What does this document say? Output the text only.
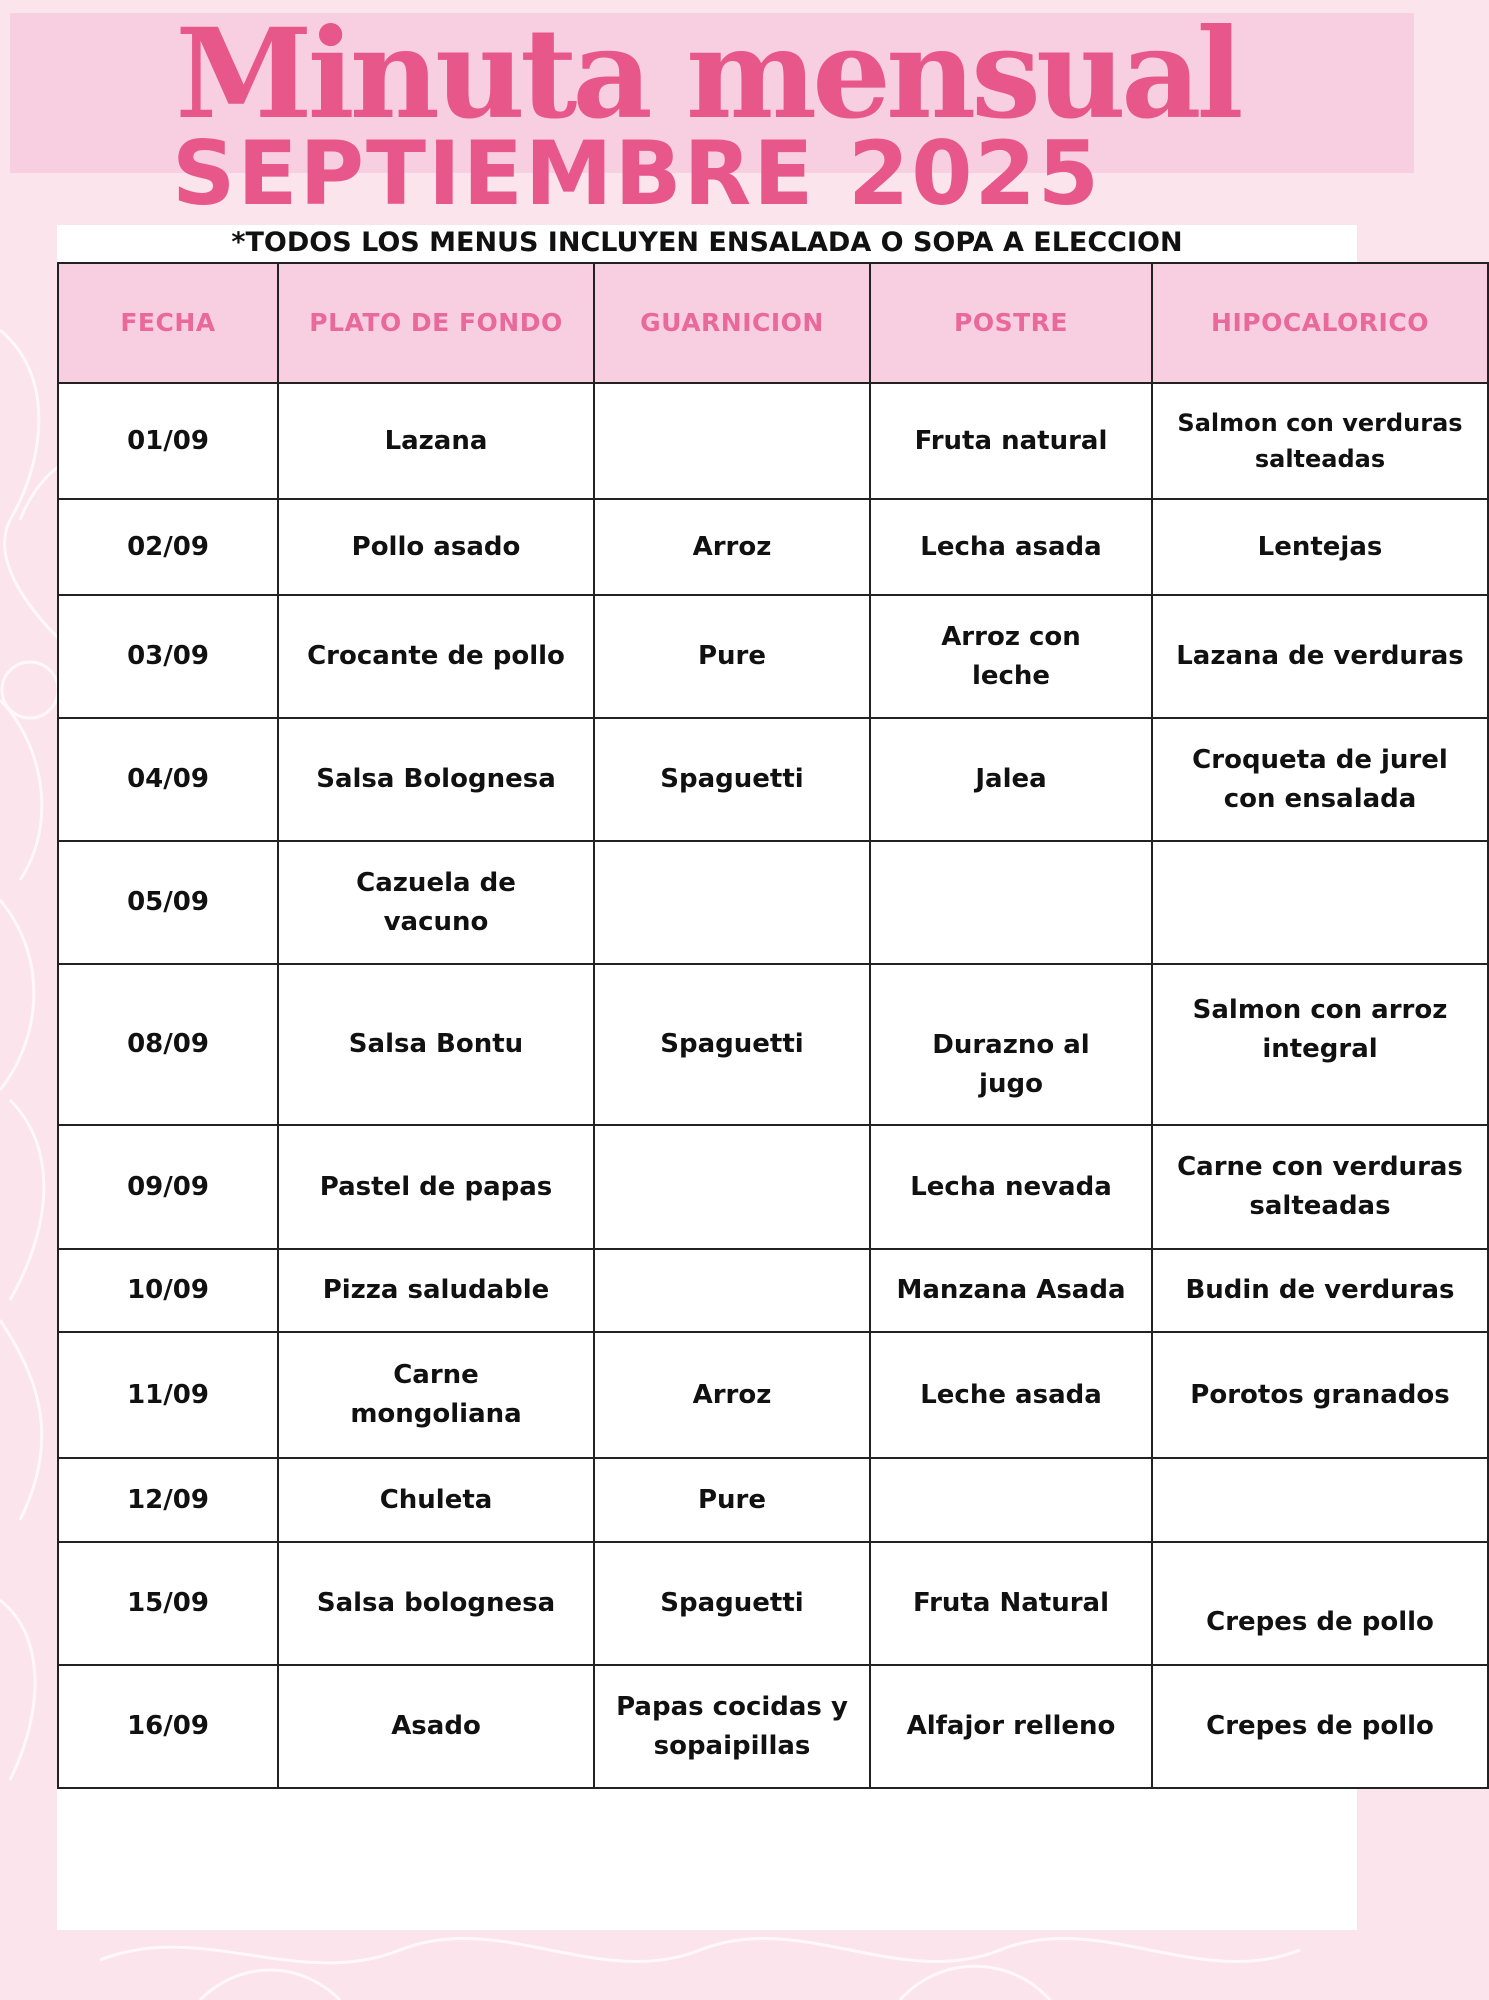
Minuta mensual
SEPTIEMBRE 2025
*TODOS LOS MENUS INCLUYEN ENSALADA O SOPA A ELECCION
FECHA	PLATO DE FONDO	GUARNICION	POSTRE	HIPOCALORICO
01/09	Lazana		Fruta natural	Salmon con verduras salteadas
02/09	Pollo asado	Arroz	Lecha asada	Lentejas
03/09	Crocante de pollo	Pure	Arroz con leche	Lazana de verduras
04/09	Salsa Bolognesa	Spaguetti	Jalea	Croqueta de jurel con ensalada
05/09	Cazuela de vacuno			
08/09	Salsa Bontu	Spaguetti	Durazno al jugo	Salmon con arroz integral
09/09	Pastel de papas		Lecha nevada	Carne con verduras salteadas
10/09	Pizza saludable		Manzana Asada	Budin de verduras
11/09	Carne mongoliana	Arroz	Leche asada	Porotos granados
12/09	Chuleta	Pure		
15/09	Salsa bolognesa	Spaguetti	Fruta Natural	Crepes de pollo
16/09	Asado	Papas cocidas y sopaipillas	Alfajor relleno	Crepes de pollo
